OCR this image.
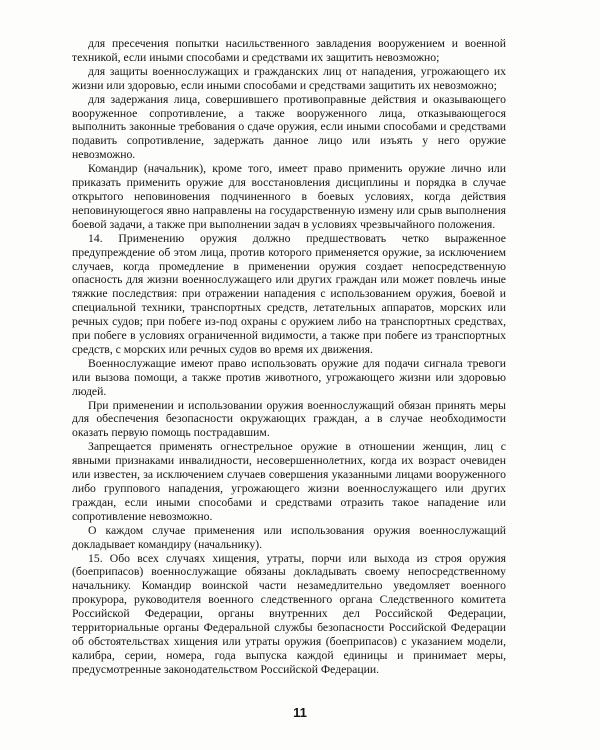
для пресечения попытки насильственного завладения вооружением и военной техникой, если иными способами и средствами их защитить невозможно;

для защиты военнослужащих и гражданских лиц от нападения, угрожающего их жизни или здоровью, если иными способами и средствами защитить их невозможно;

для задержания лица, совершившего противоправные действия и оказывающего вооруженное сопротивление, а также вооруженного лица, отказывающегося выполнить законные требования о сдаче оружия, если иными способами и средствами подавить сопротивление, задержать данное лицо или изъять у него оружие невозможно.

Командир (начальник), кроме того, имеет право применить оружие лично или приказать применить оружие для восстановления дисциплины и порядка в случае открытого неповиновения подчиненного в боевых условиях, когда действия неповинующегося явно направлены на государственную измену или срыв выполнения боевой задачи, а также при выполнении задач в условиях чрезвычайного положения.

14. Применению оружия должно предшествовать четко выраженное предупреждение об этом лица, против которого применяется оружие, за исключением случаев, когда промедление в применении оружия создает непосредственную опасность для жизни военнослужащего или других граждан или может повлечь иные тяжкие последствия: при отражении нападения с использованием оружия, боевой и специальной техники, транспортных средств, летательных аппаратов, морских или речных судов; при побеге из-под охраны с оружием либо на транспортных средствах, при побеге в условиях ограниченной видимости, а также при побеге из транспортных средств, с морских или речных судов во время их движения.

Военнослужащие имеют право использовать оружие для подачи сигнала тревоги или вызова помощи, а также против животного, угрожающего жизни или здоровью людей.

При применении и использовании оружия военнослужащий обязан принять меры для обеспечения безопасности окружающих граждан, а в случае необходимости оказать первую помощь пострадавшим.

Запрещается применять огнестрельное оружие в отношении женщин, лиц с явными признаками инвалидности, несовершеннолетних, когда их возраст очевиден или известен, за исключением случаев совершения указанными лицами вооруженного либо группового нападения, угрожающего жизни военнослужащего или других граждан, если иными способами и средствами отразить такое нападение или сопротивление невозможно.

О каждом случае применения или использования оружия военнослужащий докладывает командиру (начальнику).

15. Обо всех случаях хищения, утраты, порчи или выхода из строя оружия (боеприпасов) военнослужащие обязаны докладывать своему непосредственному начальнику. Командир воинской части незамедлительно уведомляет военного прокурора, руководителя военного следственного органа Следственного комитета Российской Федерации, органы внутренних дел Российской Федерации, территориальные органы Федеральной службы безопасности Российской Федерации об обстоятельствах хищения или утраты оружия (боеприпасов) с указанием модели, калибра, серии, номера, года выпуска каждой единицы и принимает меры, предусмотренные законодательством Российской Федерации.

11
